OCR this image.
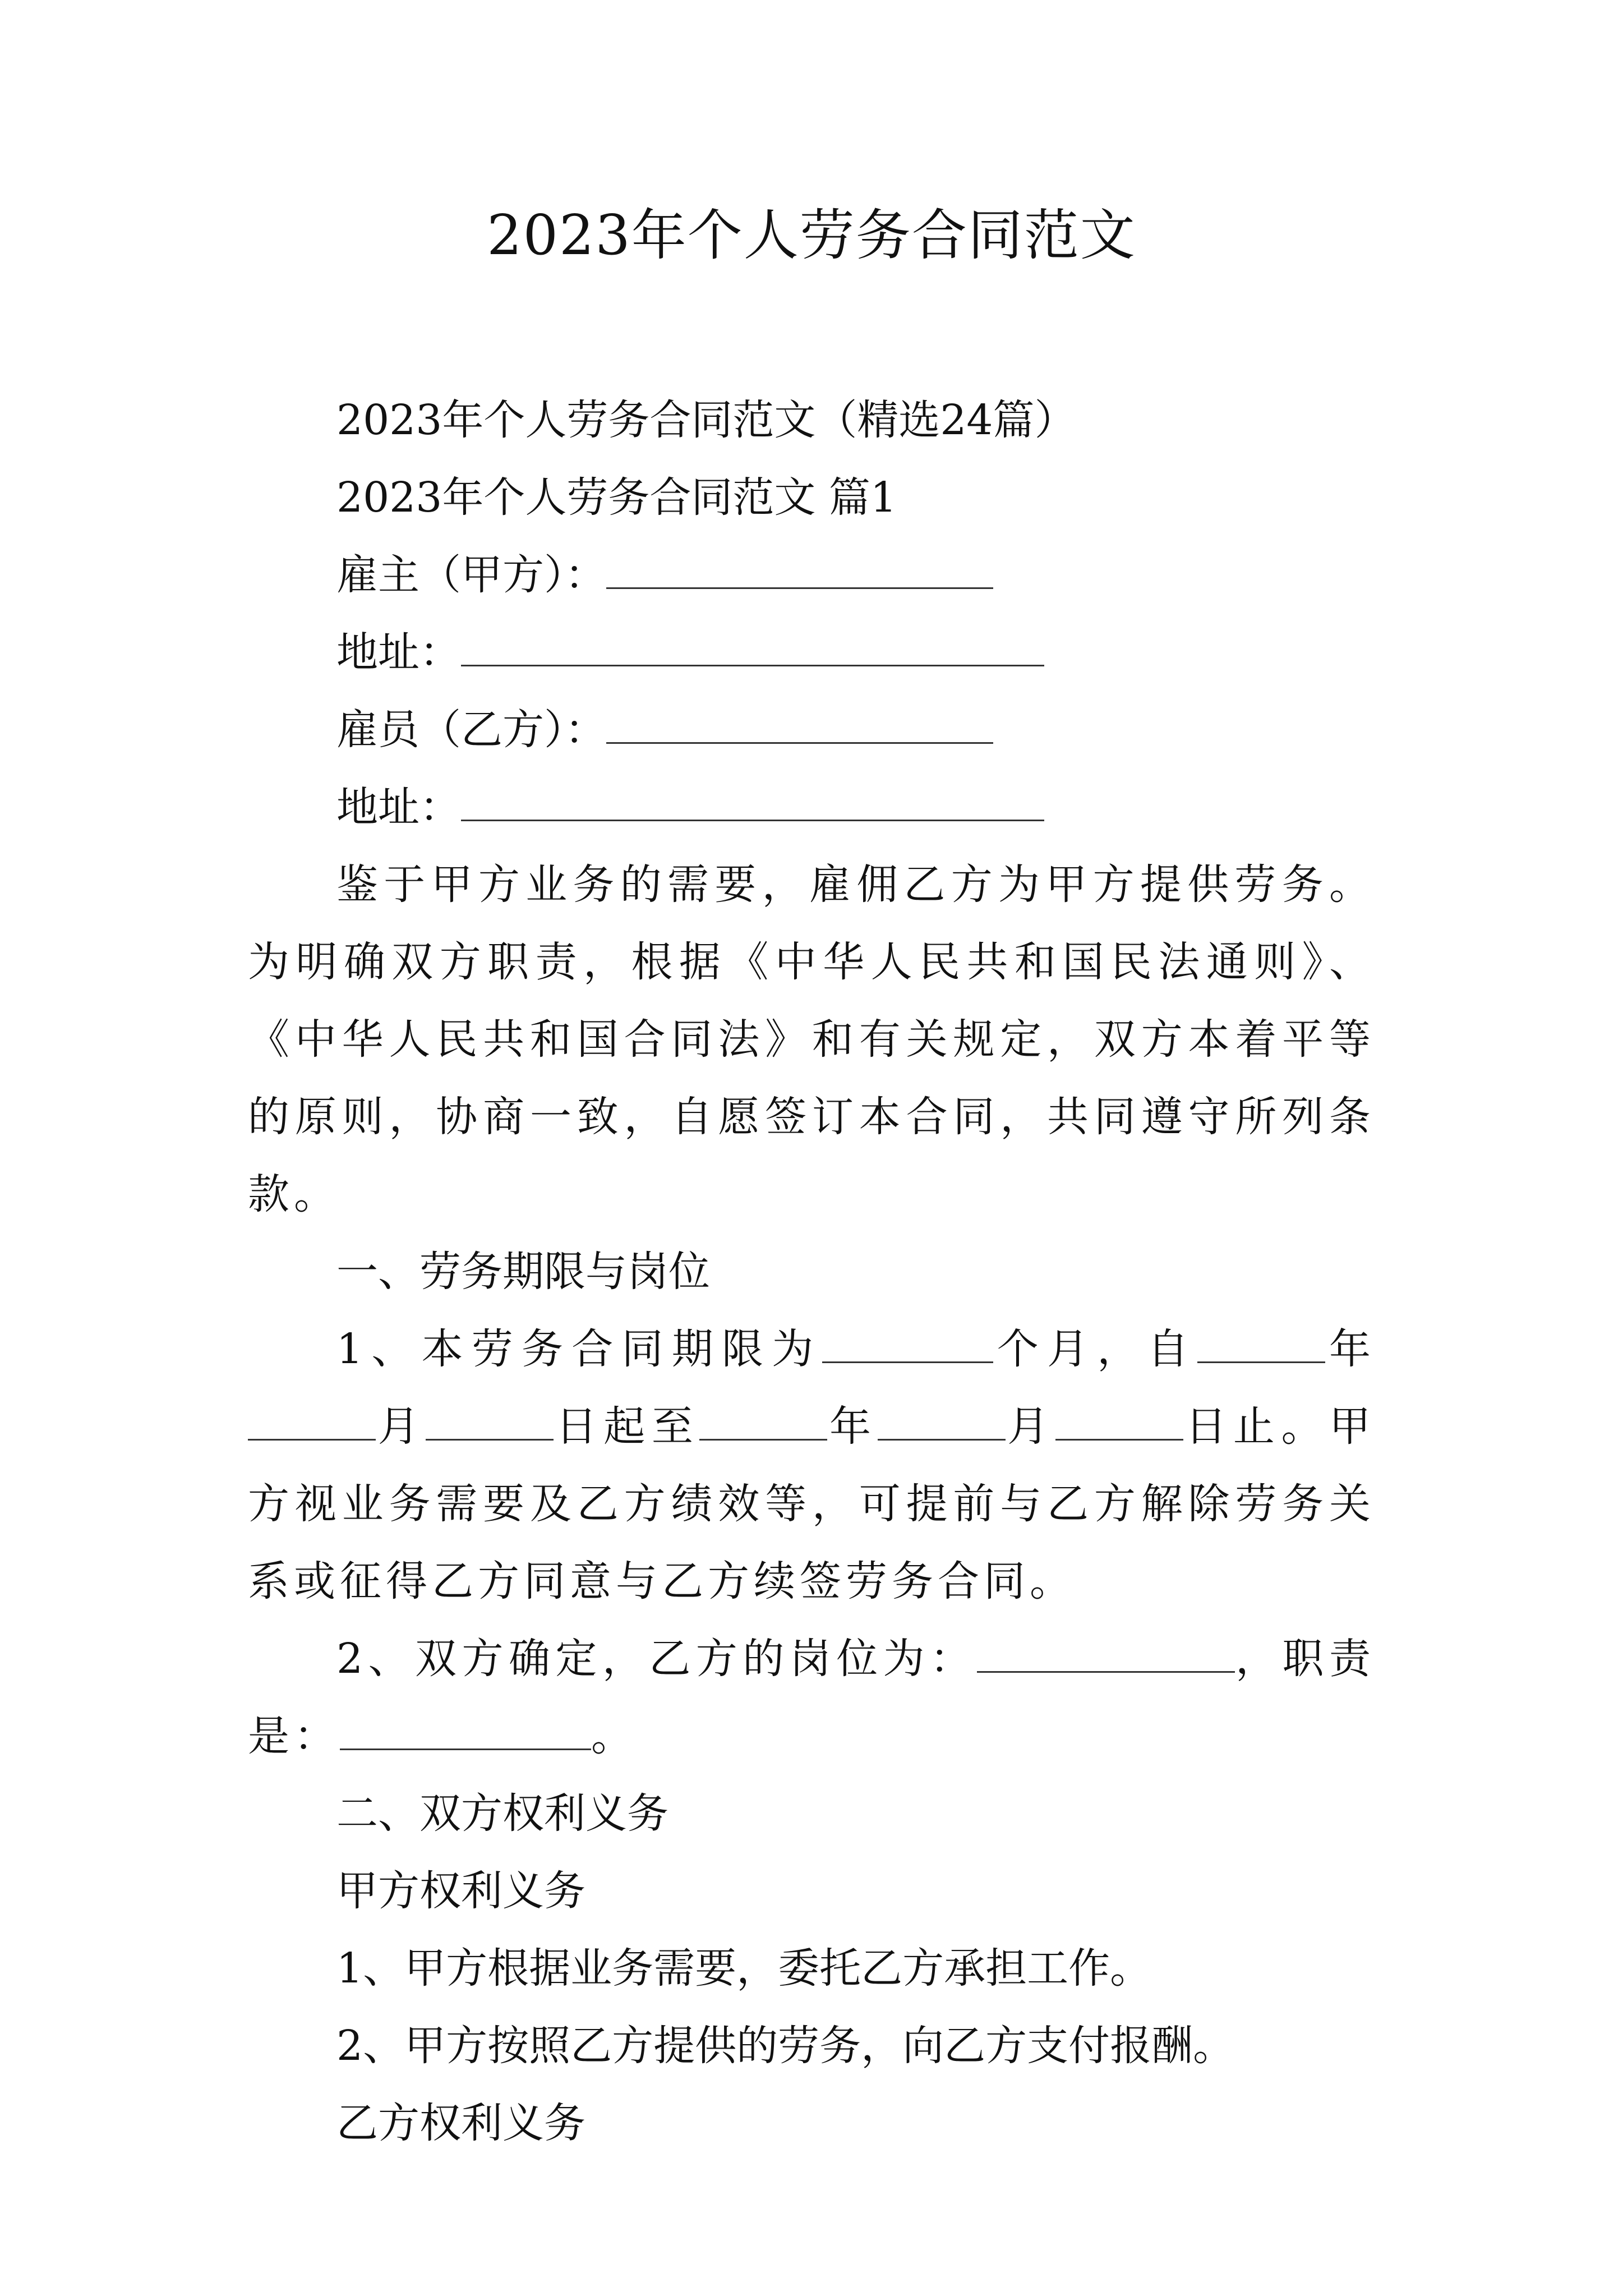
2023年个人劳务合同范文
2023年个人劳务合同范文（精选24篇）
2023年个人劳务合同范文 篇1
雇主（甲方）：
地址：
雇员（乙方）：
地址：
鉴于甲方业务的需要，雇佣乙方为甲方提供劳务。为明确双方职责，根据《中华人民共和国民法通则》、《中华人民共和国合同法》和有关规定，双方本着平等的原则，协商一致，自愿签订本合同，共同遵守所列条款。
一、劳务期限与岗位
1、本劳务合同期限为	个月，自	年月	日起至	年	月	日止。甲方视业务需要及乙方绩效等，可提前与乙方解除劳务关系或征得乙方同意与乙方续签劳务合同。
2、双方确定，乙方的岗位为：	，职责是：	。
二、双方权利义务
甲方权利义务
1、甲方根据业务需要，委托乙方承担工作。
2、甲方按照乙方提供的劳务，向乙方支付报酬。
乙方权利义务
